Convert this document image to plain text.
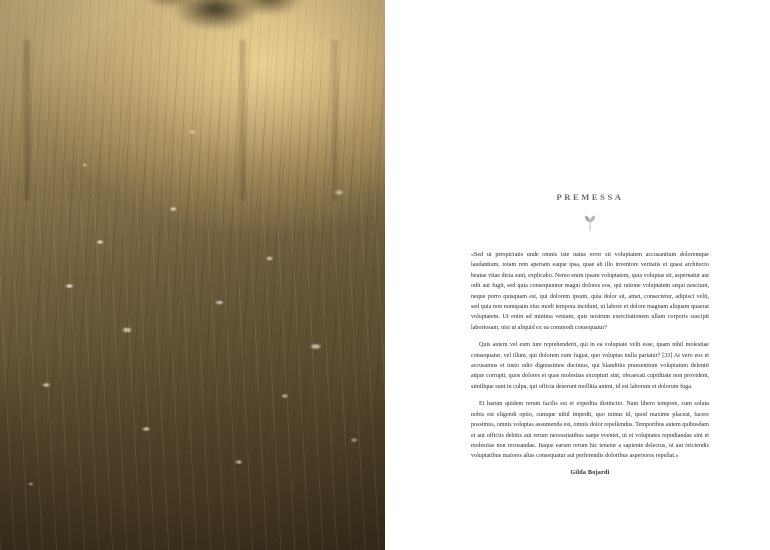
PREMESSA

«Sed ut perspiciatis unde omnis iste natus error sit voluptatem accusantium doloremque laudantium, totam rem aperiam eaque ipsa, quae ab illo inventore veritatis et quasi architecto beatae vitae dicta sunt, explicabo. Nemo enim ipsam voluptatem, quia voluptas sit, aspernatur aut odit aut fugit, sed quia consequuntur magni dolores eos, qui ratione voluptatem sequi nesciunt, neque porro quisquam est, qui dolorem ipsum, quia dolor sit, amet, consectetur, adipisci velit, sed quia non numquam eius modi tempora incidunt, ut labore et dolore magnam aliquam quaerat voluptatem. Ut enim ad minima veniam, quis nostrum exercitationem ullam corporis suscipit laboriosam, nisi ut aliquid ex ea commodi consequatur?

Quis autem vel eum iure reprehenderit, qui in ea voluptate velit esse, quam nihil molestiae consequatur, vel illum, qui dolorem eum fugiat, quo voluptas nulla pariatur? [33] At vero eos et accusamus et iusto odio dignissimos ducimus, qui blanditiis praesentium voluptatum deleniti atque corrupti, quos dolores et quas molestias excepturi sint, obcaecati cupiditate non provident, similique sunt in culpa, qui officia deserunt mollitia animi, id est laborum et dolorum fuga.

Et harum quidem rerum facilis est et expedita distinctio. Nam libero tempore, cum soluta nobis est eligendi optio, cumque nihil impedit, quo minus id, quod maxime placeat, facere possimus, omnis voluptas assumenda est, omnis dolor repellendus. Temporibus autem quibusdam et aut officiis debitis aut rerum necessitatibus saepe eveniet, ut et voluptates repudiandae sint et molestiae non recusandae. Itaque earum rerum hic tenetur a sapiente delectus, ut aut reiciendis voluptatibus maiores alias consequatur aut perferendis doloribus asperiores repellat.»

Gilda Bojardi
